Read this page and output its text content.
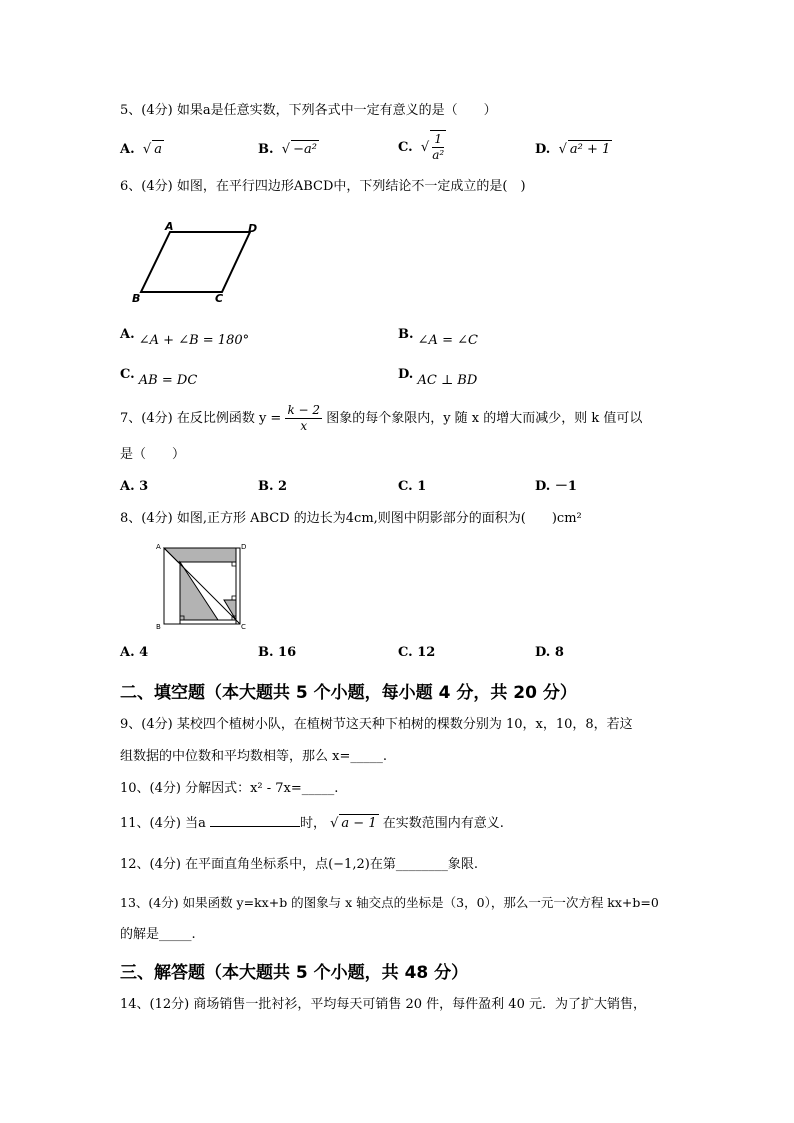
5、(4分) 如果a是任意实数，下列各式中一定有意义的是（　　）
A.  √ a	B.  √ −a²	C.  √ $\frac{1}{\text{a²}}$	D.  √ a² + 1
6、(4分) 如图，在平行四边形ABCD中，下列结论不一定成立的是(　)
A	D
B	C
A. ∠A + ∠B = 180°	B. ∠A = ∠C
C. AB = DC	D. AC ⊥ BD
7、(4分) 在反比例函数 $y = \frac{k - 2}{x}$ 图象的每个象限内，y 随 x 的增大而减少，则 k 值可以
是（　　）
A. 3	B. 2	C. 1	D. －1
8、(4分) 如图,正方形 ABCD 的边长为4cm,则图中阴影部分的面积为(　　)cm²
A	D
B	C
A. 4	B. 16	C. 12	D. 8
二、填空题（本大题共 5 个小题，每小题 4 分，共 20 分）
9、(4分) 某校四个植树小队，在植树节这天种下柏树的棵数分别为 10，x，10，8，若这
组数据的中位数和平均数相等，那么 x=_____.
10、(4分) 分解因式：x² - 7x=_____.
11、(4分) 当a	时， √ a − 1 在实数范围内有意义.
12、(4分) 在平面直角坐标系中，点(−1,2)在第________象限.
13、(4分) 如果函数 y=kx+b 的图象与 x 轴交点的坐标是（3，0），那么一元一次方程 kx+b=0
的解是_____.
三、解答题（本大题共 5 个小题，共 48 分）
14、(12分) 商场销售一批衬衫，平均每天可销售 20 件，每件盈利 40 元．为了扩大销售，
